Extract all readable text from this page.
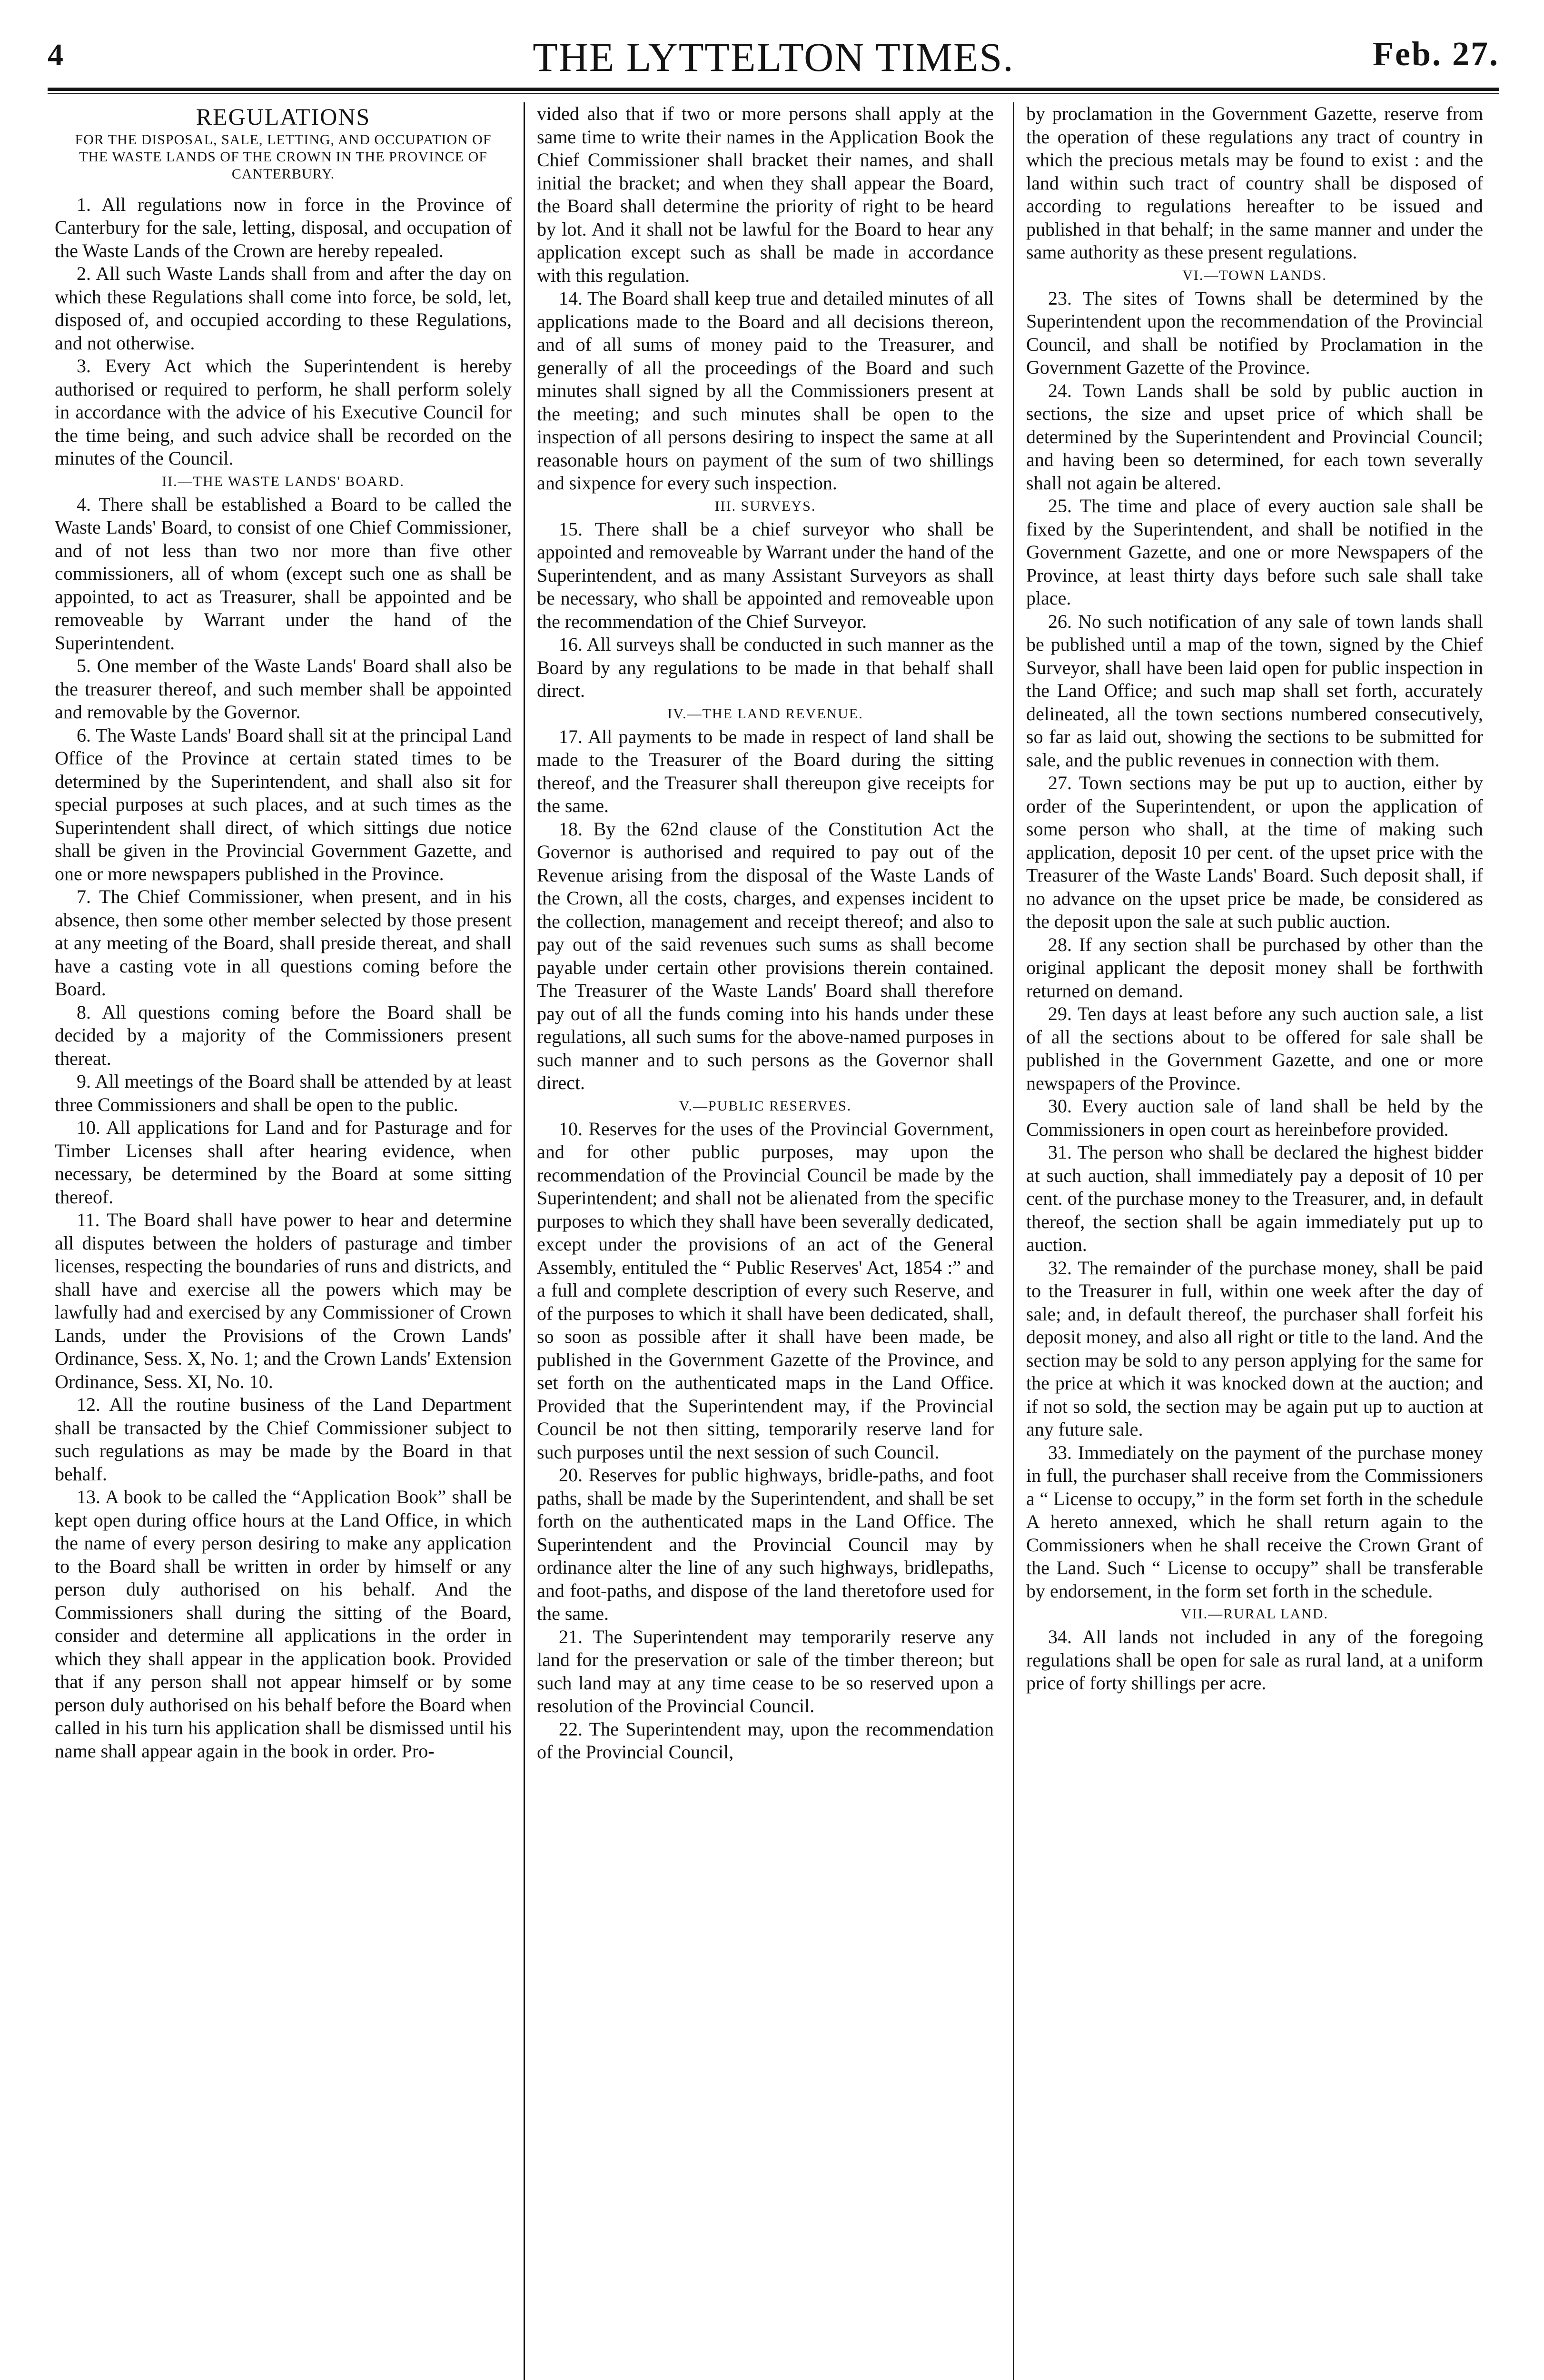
4	THE LYTTELTON TIMES.	Feb. 27.

REGULATIONS

FOR THE DISPOSAL, SALE, LETTING, AND OCCUPATION OF THE WASTE LANDS OF THE CROWN IN THE PROVINCE OF CANTERBURY.

1. All regulations now in force in the Province of Canterbury for the sale, letting, disposal, and occupation of the Waste Lands of the Crown are hereby repealed.

2. All such Waste Lands shall from and after the day on which these Regulations shall come into force, be sold, let, disposed of, and occupied according to these Regulations, and not otherwise.

3. Every Act which the Superintendent is hereby authorised or required to perform, he shall perform solely in accordance with the advice of his Executive Council for the time being, and such advice shall be recorded on the minutes of the Council.

II.—THE WASTE LANDS' BOARD.

4. There shall be established a Board to be called the Waste Lands' Board, to consist of one Chief Commissioner, and of not less than two nor more than five other commissioners, all of whom (except such one as shall be appointed, to act as Treasurer, shall be appointed and be removeable by Warrant under the hand of the Superintendent.

5. One member of the Waste Lands' Board shall also be the treasurer thereof, and such member shall be appointed and removable by the Governor.

6. The Waste Lands' Board shall sit at the principal Land Office of the Province at certain stated times to be determined by the Superintendent, and shall also sit for special purposes at such places, and at such times as the Superintendent shall direct, of which sittings due notice shall be given in the Provincial Government Gazette, and one or more newspapers published in the Province.

7. The Chief Commissioner, when present, and in his absence, then some other member selected by those present at any meeting of the Board, shall preside thereat, and shall have a casting vote in all questions coming before the Board.

8. All questions coming before the Board shall be decided by a majority of the Commissioners present thereat.

9. All meetings of the Board shall be attended by at least three Commissioners and shall be open to the public.

10. All applications for Land and for Pasturage and for Timber Licenses shall after hearing evidence, when necessary, be determined by the Board at some sitting thereof.

11. The Board shall have power to hear and determine all disputes between the holders of pasturage and timber licenses, respecting the boundaries of runs and districts, and shall have and exercise all the powers which may be lawfully had and exercised by any Commissioner of Crown Lands, under the Provisions of the Crown Lands' Ordinance, Sess. X, No. 1; and the Crown Lands' Extension Ordinance, Sess. XI, No. 10.

12. All the routine business of the Land Department shall be transacted by the Chief Commissioner subject to such regulations as may be made by the Board in that behalf.

13. A book to be called the “Application Book” shall be kept open during office hours at the Land Office, in which the name of every person desiring to make any application to the Board shall be written in order by himself or any person duly authorised on his behalf. And the Commissioners shall during the sitting of the Board, consider and determine all applications in the order in which they shall appear in the application book. Provided that if any person shall not appear himself or by some person duly authorised on his behalf before the Board when called in his turn his application shall be dismissed until his name shall appear again in the book in order. Pro-

vided also that if two or more persons shall apply at the same time to write their names in the Application Book the Chief Commissioner shall bracket their names, and shall initial the bracket; and when they shall appear the Board, the Board shall determine the priority of right to be heard by lot. And it shall not be lawful for the Board to hear any application except such as shall be made in accordance with this regulation.

14. The Board shall keep true and detailed minutes of all applications made to the Board and all decisions thereon, and of all sums of money paid to the Treasurer, and generally of all the proceedings of the Board and such minutes shall signed by all the Commissioners present at the meeting; and such minutes shall be open to the inspection of all persons desiring to inspect the same at all reasonable hours on payment of the sum of two shillings and sixpence for every such inspection.

III. SURVEYS.

15. There shall be a chief surveyor who shall be appointed and removeable by Warrant under the hand of the Superintendent, and as many Assistant Surveyors as shall be necessary, who shall be appointed and removeable upon the recommendation of the Chief Surveyor.

16. All surveys shall be conducted in such manner as the Board by any regulations to be made in that behalf shall direct.

IV.—THE LAND REVENUE.

17. All payments to be made in respect of land shall be made to the Treasurer of the Board during the sitting thereof, and the Treasurer shall thereupon give receipts for the same.

18. By the 62nd clause of the Constitution Act the Governor is authorised and required to pay out of the Revenue arising from the disposal of the Waste Lands of the Crown, all the costs, charges, and expenses incident to the collection, management and receipt thereof; and also to pay out of the said revenues such sums as shall become payable under certain other provisions therein contained. The Treasurer of the Waste Lands' Board shall therefore pay out of all the funds coming into his hands under these regulations, all such sums for the above-named purposes in such manner and to such persons as the Governor shall direct.

V.—PUBLIC RESERVES.

10. Reserves for the uses of the Provincial Government, and for other public purposes, may upon the recommendation of the Provincial Council be made by the Superintendent; and shall not be alienated from the specific purposes to which they shall have been severally dedicated, except under the provisions of an act of the General Assembly, entituled the “ Public Reserves' Act, 1854 :” and a full and complete description of every such Reserve, and of the purposes to which it shall have been dedicated, shall, so soon as possible after it shall have been made, be published in the Government Gazette of the Province, and set forth on the authenticated maps in the Land Office. Provided that the Superintendent may, if the Provincial Council be not then sitting, temporarily reserve land for such purposes until the next session of such Council.

20. Reserves for public highways, bridle-paths, and foot paths, shall be made by the Superintendent, and shall be set forth on the authenticated maps in the Land Office. The Superintendent and the Provincial Council may by ordinance alter the line of any such highways, bridlepaths, and foot-paths, and dispose of the land theretofore used for the same.

21. The Superintendent may temporarily reserve any land for the preservation or sale of the timber thereon; but such land may at any time cease to be so reserved upon a resolution of the Provincial Council.

22. The Superintendent may, upon the recommendation of the Provincial Council,

by proclamation in the Government Gazette, reserve from the operation of these regulations any tract of country in which the precious metals may be found to exist : and the land within such tract of country shall be disposed of according to regulations hereafter to be issued and published in that behalf; in the same manner and under the same authority as these present regulations.

VI.—TOWN LANDS.

23. The sites of Towns shall be determined by the Superintendent upon the recommendation of the Provincial Council, and shall be notified by Proclamation in the Government Gazette of the Province.

24. Town Lands shall be sold by public auction in sections, the size and upset price of which shall be determined by the Superintendent and Provincial Council; and having been so determined, for each town severally shall not again be altered.

25. The time and place of every auction sale shall be fixed by the Superintendent, and shall be notified in the Government Gazette, and one or more Newspapers of the Province, at least thirty days before such sale shall take place.

26. No such notification of any sale of town lands shall be published until a map of the town, signed by the Chief Surveyor, shall have been laid open for public inspection in the Land Office; and such map shall set forth, accurately delineated, all the town sections numbered consecutively, so far as laid out, showing the sections to be submitted for sale, and the public revenues in connection with them.

27. Town sections may be put up to auction, either by order of the Superintendent, or upon the application of some person who shall, at the time of making such application, deposit 10 per cent. of the upset price with the Treasurer of the Waste Lands' Board. Such deposit shall, if no advance on the upset price be made, be considered as the deposit upon the sale at such public auction.

28. If any section shall be purchased by other than the original applicant the deposit money shall be forthwith returned on demand.

29. Ten days at least before any such auction sale, a list of all the sections about to be offered for sale shall be published in the Government Gazette, and one or more newspapers of the Province.

30. Every auction sale of land shall be held by the Commissioners in open court as hereinbefore provided.

31. The person who shall be declared the highest bidder at such auction, shall immediately pay a deposit of 10 per cent. of the purchase money to the Treasurer, and, in default thereof, the section shall be again immediately put up to auction.

32. The remainder of the purchase money, shall be paid to the Treasurer in full, within one week after the day of sale; and, in default thereof, the purchaser shall forfeit his deposit money, and also all right or title to the land. And the section may be sold to any person applying for the same for the price at which it was knocked down at the auction; and if not so sold, the section may be again put up to auction at any future sale.

33. Immediately on the payment of the purchase money in full, the purchaser shall receive from the Commissioners a “ License to occupy,” in the form set forth in the schedule A hereto annexed, which he shall return again to the Commissioners when he shall receive the Crown Grant of the Land. Such “ License to occupy” shall be transferable by endorsement, in the form set forth in the schedule.

VII.—RURAL LAND.

34. All lands not included in any of the foregoing regulations shall be open for sale as rural land, at a uniform price of forty shillings per acre.
